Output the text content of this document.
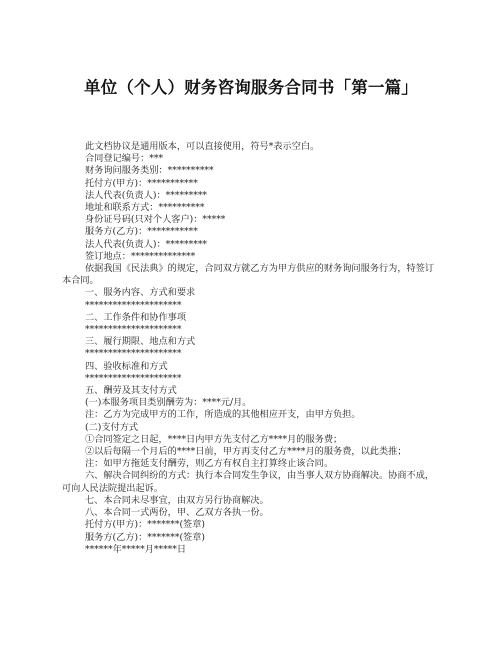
单位（个人）财务咨询服务合同书「第一篇」
此文档协议是通用版本，可以直接使用，符号*表示空白。
合同登记编号：***
财务询问服务类别：**********
托付方(甲方)：***********
法人代表(负责人)：*********
地址和联系方式：**********
身份证号码(只对个人客户)：*****
服务方(乙方)：***********
法人代表(负责人)：*********
签订地点：**************
依据我国《民法典》的规定，合同双方就乙方为甲方供应的财务询问服务行为，特签订本合同。
一、服务内容、方式和要求
*********************
二、工作条件和协作事项
*********************
三、履行期限、地点和方式
*********************
四、验收标准和方式
*********************
五、酬劳及其支付方式
(一)本服务项目类别酬劳为：****元/月。
注：乙方为完成甲方的工作，所造成的其他相应开支，由甲方负担。
(二)支付方式
①合同签定之日起，****日内甲方先支付乙方****月的服务费；
②以后每隔一个月后的****日前，甲方再支付乙方****月的服务费，以此类推；
注：如甲方拖延支付酬劳，则乙方有权自主打算终止该合同。
六、解决合同纠纷的方式：执行本合同发生争议，由当事人双方协商解决。协商不成，可向人民法院提出起诉。
七、本合同未尽事宜，由双方另行协商解决。
八、本合同一式两份，甲、乙双方各执一份。
托付方(甲方)：*******(签章)
服务方(乙方)：*******(签章)
******年*****月*****日
